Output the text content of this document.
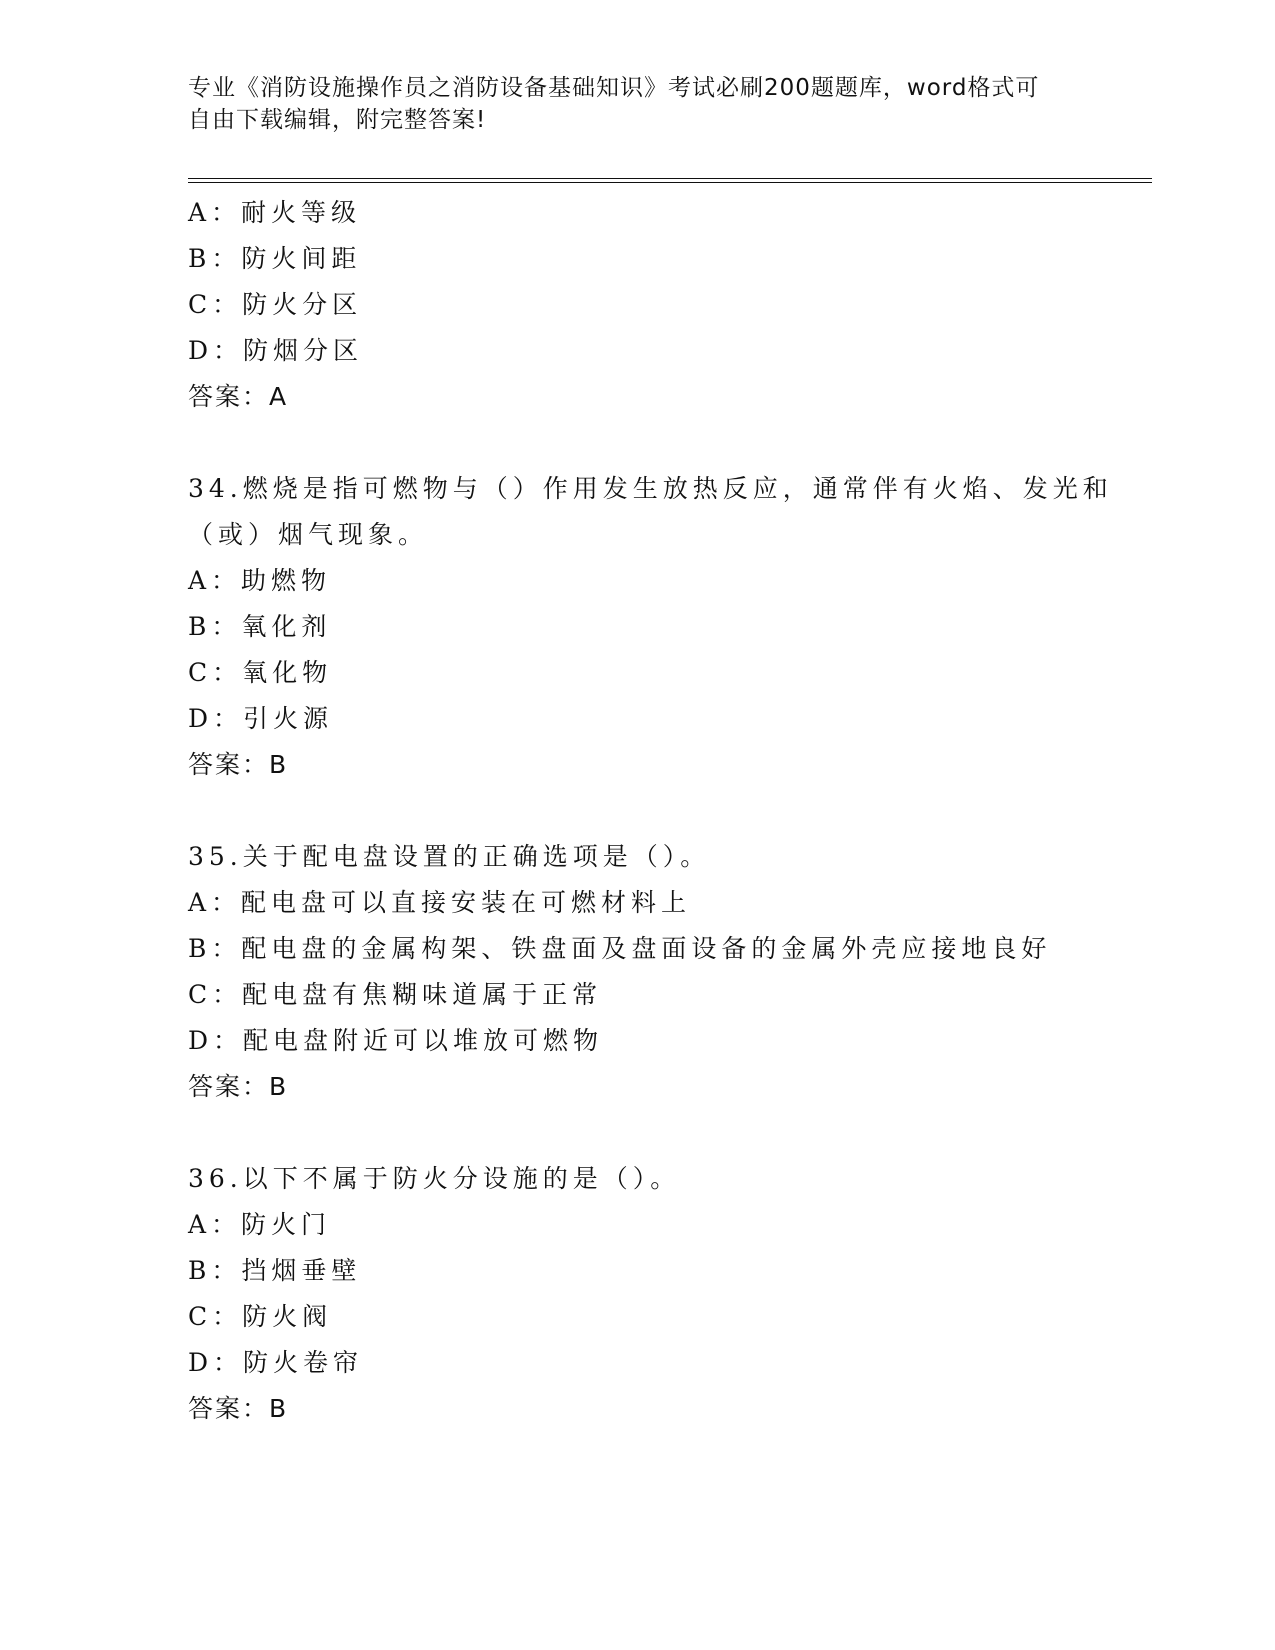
专业《消防设施操作员之消防设备基础知识》考试必刷200题题库，word格式可

自由下载编辑，附完整答案!

A：耐火等级
B：防火间距
C：防火分区
D：防烟分区
答案：A
34.燃烧是指可燃物与（）作用发生放热反应，通常伴有火焰、发光和
（或）烟气现象。
A：助燃物
B：氧化剂
C：氧化物
D：引火源
答案：B
35.关于配电盘设置的正确选项是（）。
A：配电盘可以直接安装在可燃材料上
B：配电盘的金属构架、铁盘面及盘面设备的金属外壳应接地良好
C：配电盘有焦糊味道属于正常
D：配电盘附近可以堆放可燃物
答案：B
36.以下不属于防火分设施的是（）。
A：防火门
B：挡烟垂壁
C：防火阀
D：防火卷帘
答案：B
